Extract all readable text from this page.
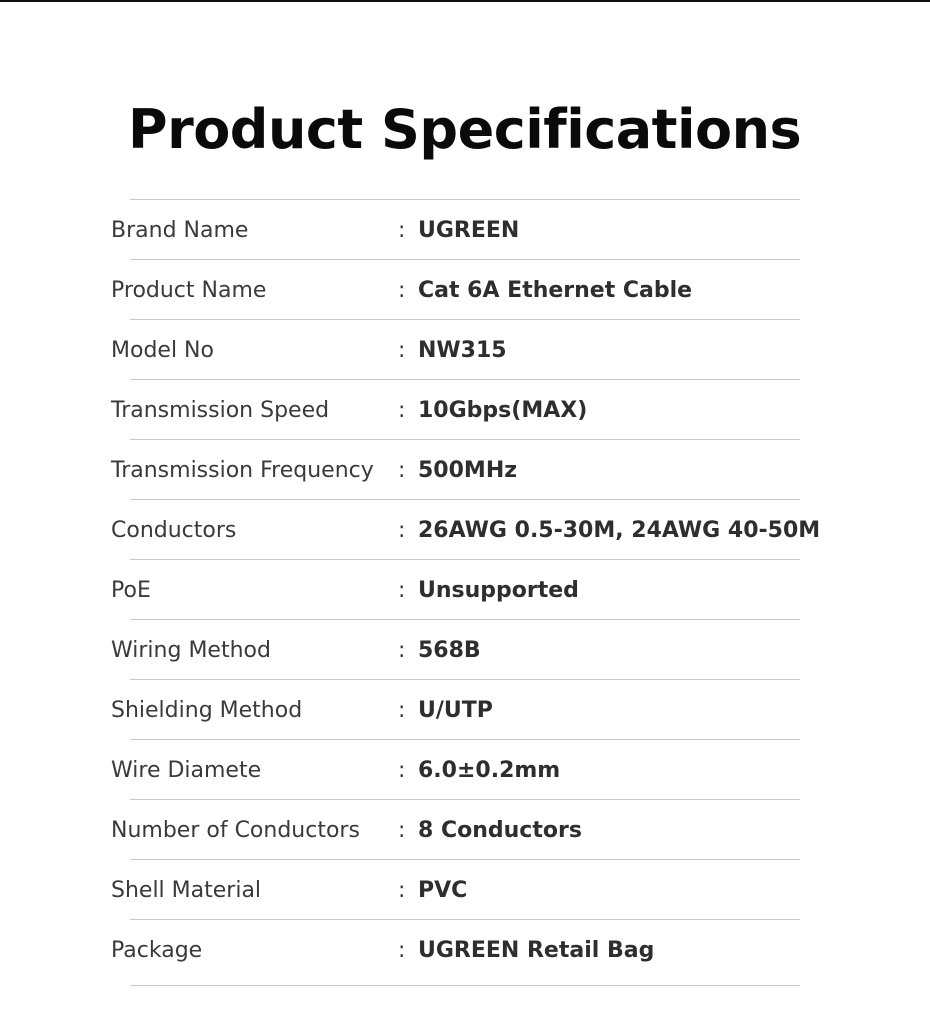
Product Specifications
Brand Name	: UGREEN
Product Name	: Cat 6A Ethernet Cable
Model No	: NW315
Transmission Speed	: 10Gbps(MAX)
Transmission Frequency : 500MHz
Conductors	: 26AWG 0.5-30M, 24AWG 40-50M
PoE	: Unsupported
Wiring Method	: 568B
Shielding Method	: U/UTP
Wire Diamete	: 6.0±0.2mm
Number of Conductors : 8 Conductors
Shell Material	: PVC
Package	: UGREEN Retail Bag
